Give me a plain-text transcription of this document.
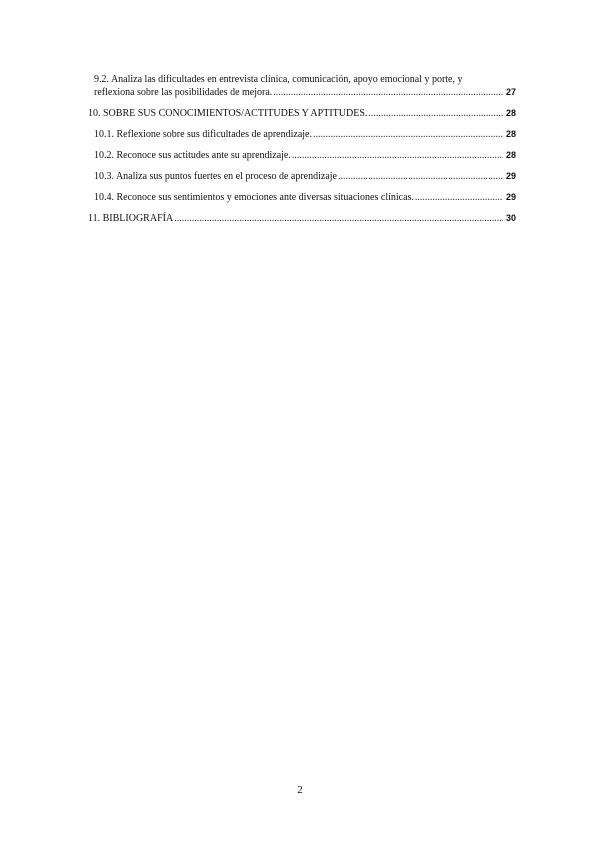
9.2. Analiza las dificultades en entrevista clínica, comunicación, apoyo emocional y porte, y
reflexiona sobre las posibilidades de mejora. .....	27
10. SOBRE SUS CONOCIMIENTOS/ACTITUDES Y APTITUDES. .....	28
10.1. Reflexione sobre sus dificultades de aprendizaje. .....	28
10.2. Reconoce sus actitudes ante su aprendizaje. .....	28
10.3. Analiza sus puntos fuertes en el proceso de aprendizaje .....	29
10.4. Reconoce sus sentimientos y emociones ante diversas situaciones clínicas. .....	29
11. BIBLIOGRAFÍA .....	30
2
